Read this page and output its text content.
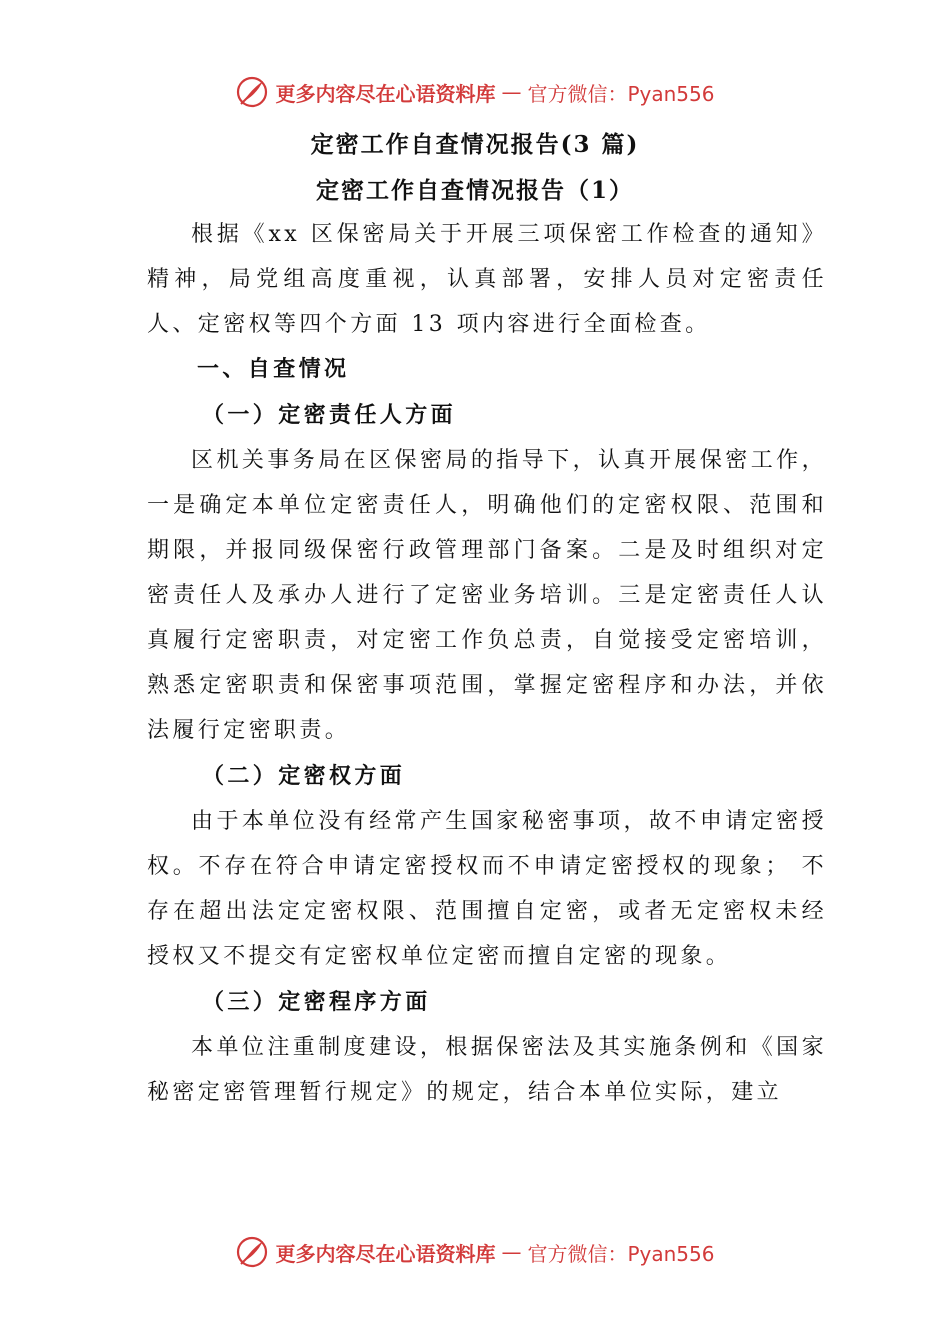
更多内容尽在心语资料库 — 官方微信：Pyan556
定密工作自查情况报告(3 篇)
定密工作自查情况报告（1）

根据《xx 区保密局关于开展三项保密工作检查的通知》精神，局党组高度重视，认真部署，安排人员对定密责任人、定密权等四个方面 13 项内容进行全面检查。

一、自查情况
（一）定密责任人方面

区机关事务局在区保密局的指导下，认真开展保密工作，一是确定本单位定密责任人，明确他们的定密权限、范围和期限，并报同级保密行政管理部门备案。二是及时组织对定密责任人及承办人进行了定密业务培训。三是定密责任人认真履行定密职责，对定密工作负总责，自觉接受定密培训， 熟悉定密职责和保密事项范围，掌握定密程序和办法，并依 法履行定密职责。

（二）定密权方面

由于本单位没有经常产生国家秘密事项，故不申请定密授权。不存在符合申请定密授权而不申请定密授权的现象； 不存在超出法定定密权限、范围擅自定密，或者无定密权未经授权又不提交有定密权单位定密而擅自定密的现象。

（三）定密程序方面

本单位注重制度建设，根据保密法及其实施条例和《国家秘密定密管理暂行规定》的规定，结合本单位实际，建立

更多内容尽在心语资料库 — 官方微信：Pyan556
